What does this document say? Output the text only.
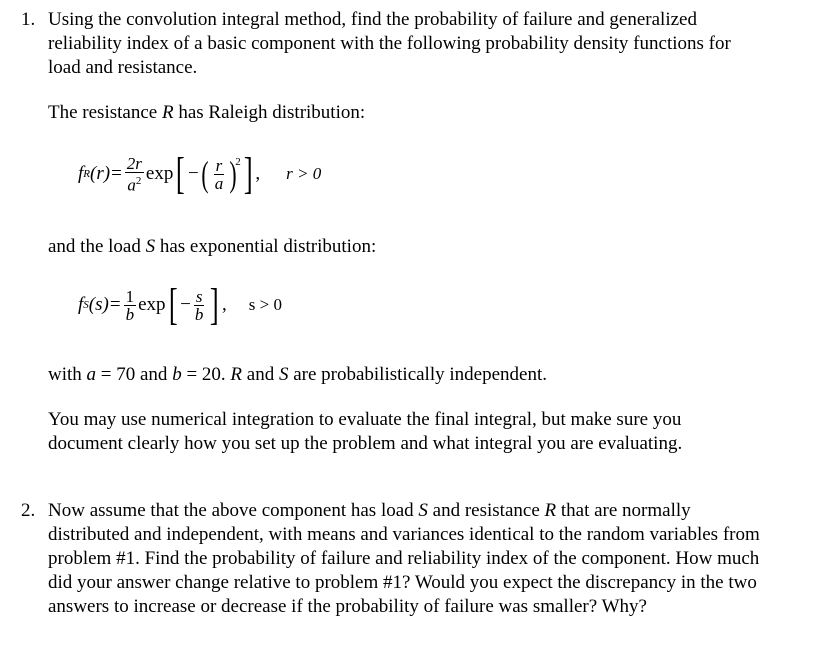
1. Using the convolution integral method, find the probability of failure and generalized
reliability index of a basic component with the following probability density functions for
load and resistance.
The resistance R has Raleigh distribution:
f R $(r) = \frac{2r}{a^2}$ exp [ − ( $\frac{r}{a}$ )
2 ] , r > 0
and the load S has exponential distribution:
f S $(s) = \frac{1}{b}$ exp [ − $\frac{s}{b}$ ] , s > 0
with a = 70 and b = 20. R and S are probabilistically independent.
You may use numerical integration to evaluate the final integral, but make sure you
document clearly how you set up the problem and what integral you are evaluating.
2. Now assume that the above component has load S and resistance R that are normally
distributed and independent, with means and variances identical to the random variables from
problem #1. Find the probability of failure and reliability index of the component. How much
did your answer change relative to problem #1? Would you expect the discrepancy in the two
answers to increase or decrease if the probability of failure was smaller? Why?
